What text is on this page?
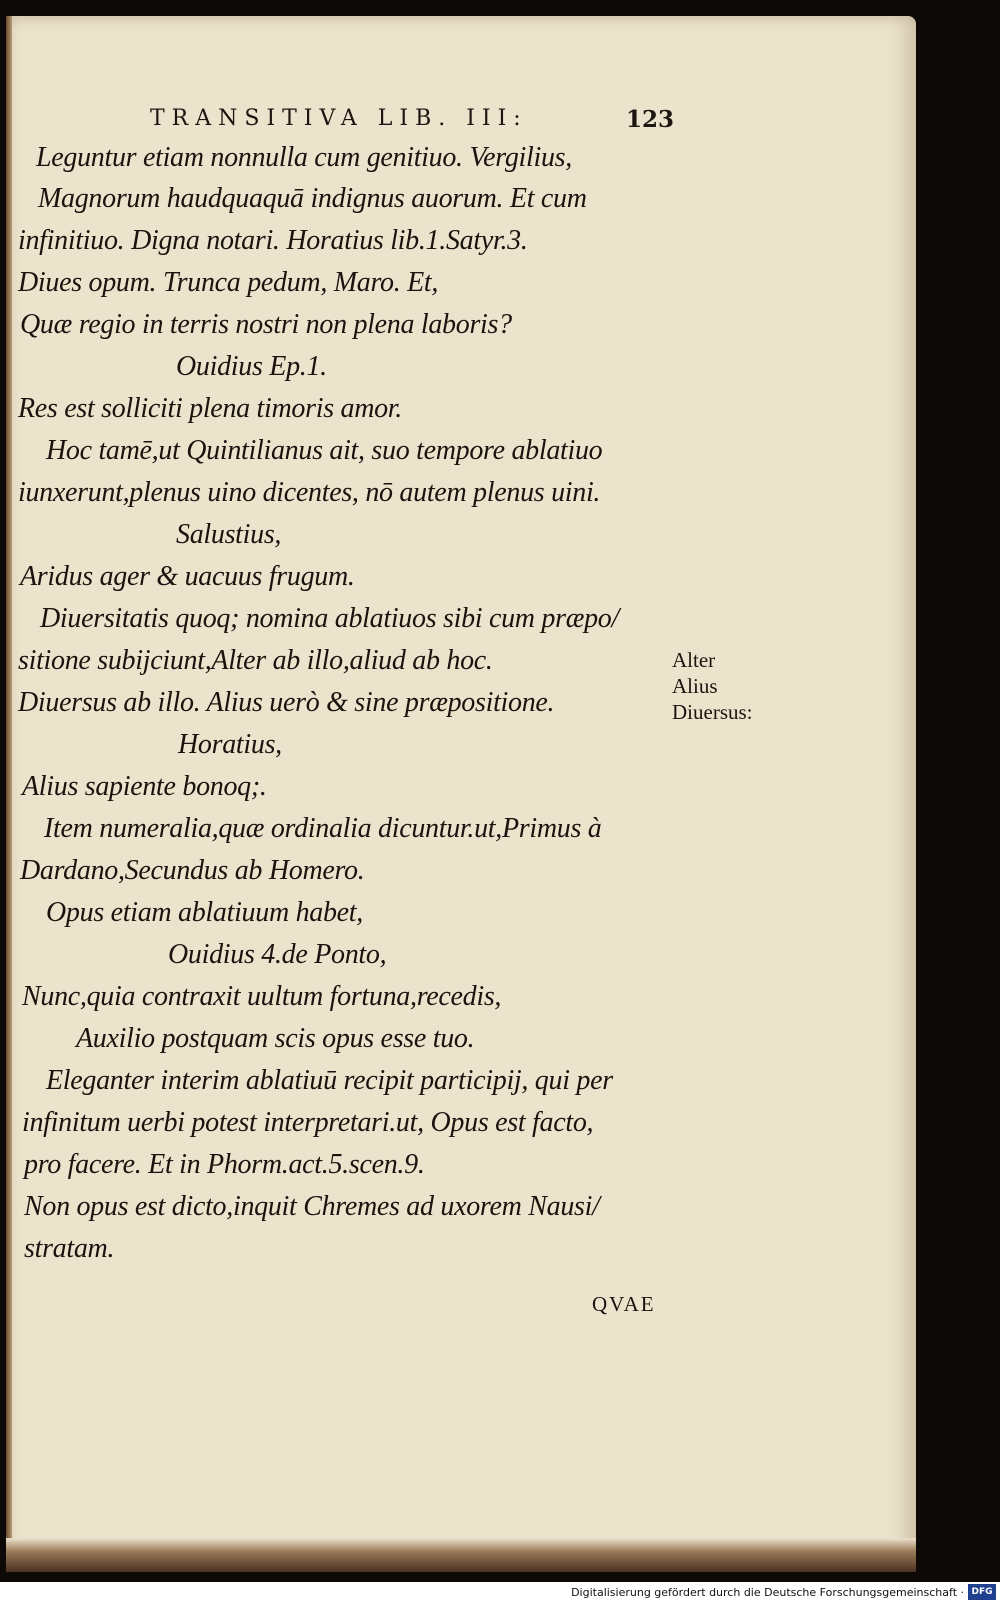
TRANSITIVA LIB. III:	123
Leguntur etiam nonnulla cum genitiuo. Vergilius,
Magnorum haudquaquā indignus auorum. Et cum
infinitiuo. Digna notari. Horatius lib.1.Satyr.3.
Diues opum. Trunca pedum, Maro. Et,
Quæ regio in terris nostri non plena laboris?
Ouidius Ep.1.
Res est solliciti plena timoris amor.
Hoc tamē,ut Quintilianus ait, suo tempore ablatiuo
iunxerunt,plenus uino dicentes, nō autem plenus uini.
Salustius,
Aridus ager & uacuus frugum.
Diuersitatis quoq; nomina ablatiuos sibi cum præpo/
sitione subijciunt,Alter ab illo,aliud ab hoc.
Diuersus ab illo. Alius uerò & sine præpositione.
Horatius,
Alius sapiente bonoq;.
Item numeralia,quæ ordinalia dicuntur.ut,Primus à
Dardano,Secundus ab Homero.
Opus etiam ablatiuum habet,
Ouidius 4.de Ponto,
Nunc,quia contraxit uultum fortuna,recedis,
Auxilio postquam scis opus esse tuo.
Eleganter interim ablatiuū recipit participij, qui per
infinitum uerbi potest interpretari.ut, Opus est facto,
pro facere. Et in Phorm.act.5.scen.9.
Non opus est dicto,inquit Chremes ad uxorem Nausi/
stratam.
Alter
Alius
Diuersus:
QVAE
Digitalisierung gefördert durch die Deutsche Forschungsgemeinschaft · DFG
